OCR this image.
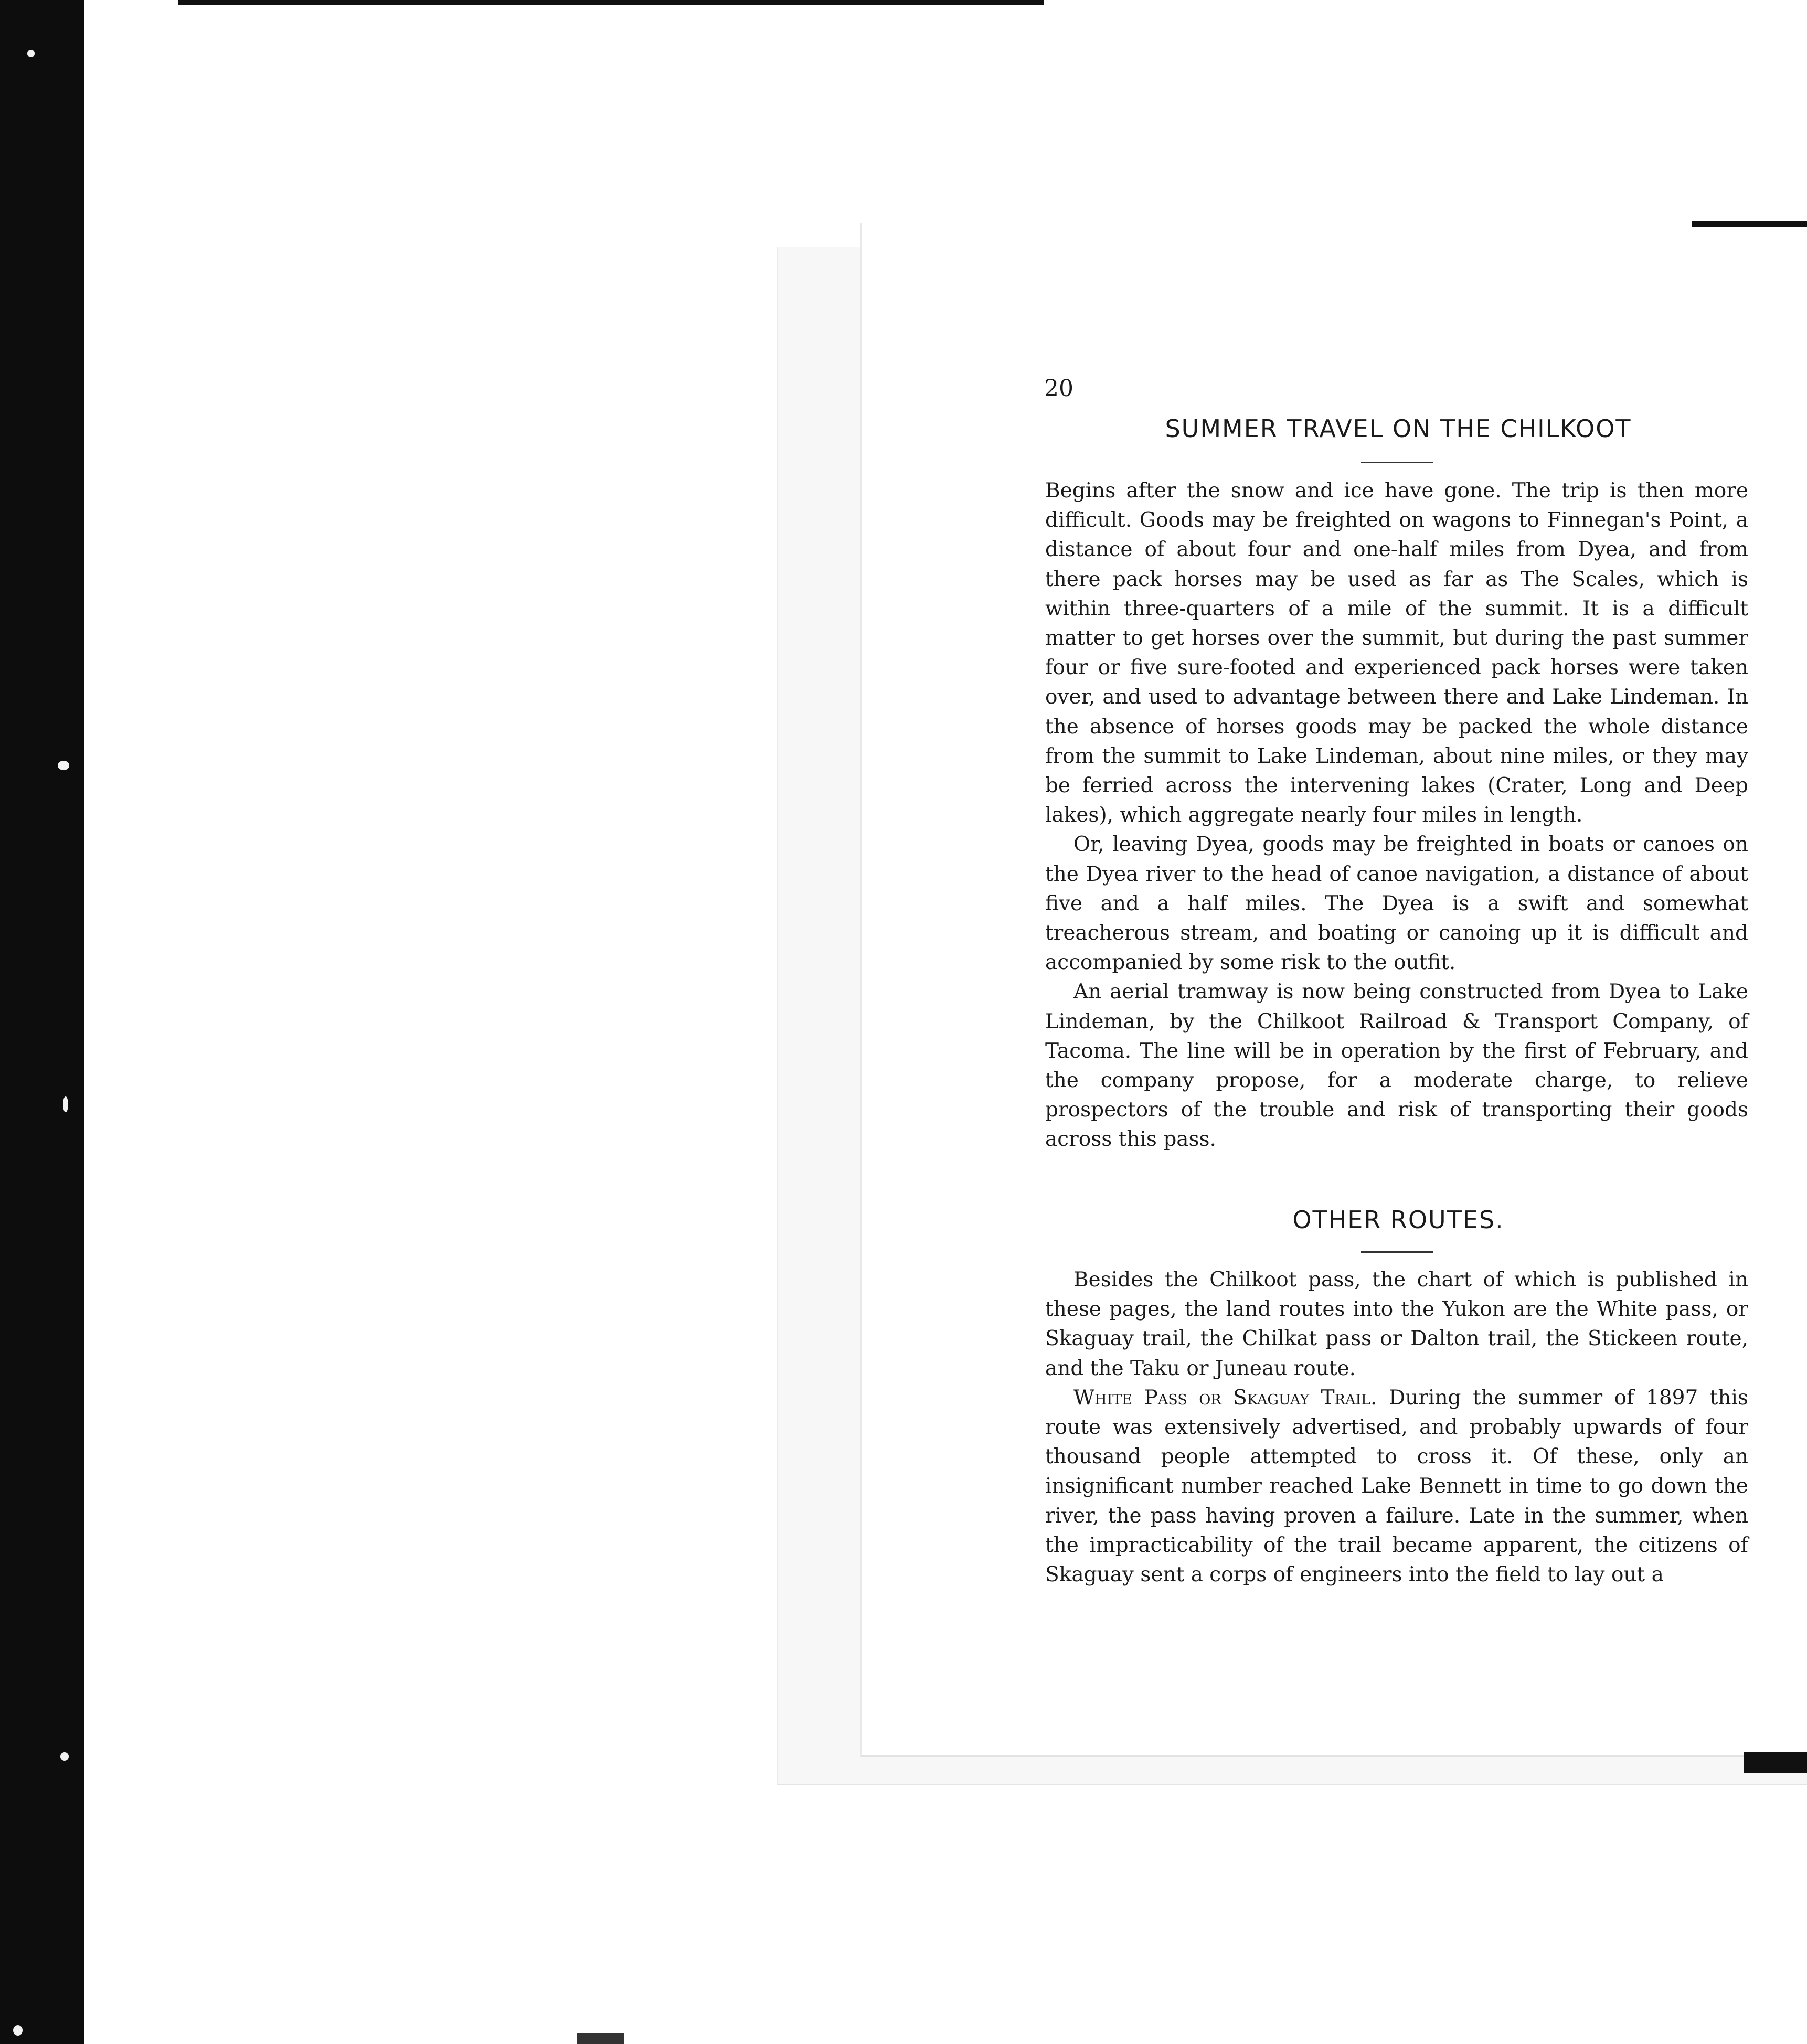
20
SUMMER TRAVEL ON THE CHILKOOT

Begins after the snow and ice have gone. The trip is then more difficult. Goods may be freighted on wagons to Finnegan's Point, a distance of about four and one-half miles from Dyea, and from there pack horses may be used as far as The Scales, which is within three-quarters of a mile of the summit. It is a difficult matter to get horses over the summit, but during the past summer four or five sure-footed and experienced pack horses were taken over, and used to advantage between there and Lake Lindeman. In the absence of horses goods may be packed the whole distance from the summit to Lake Lindeman, about nine miles, or they may be ferried across the intervening lakes (Crater, Long and Deep lakes), which aggregate nearly four miles in length.

Or, leaving Dyea, goods may be freighted in boats or canoes on the Dyea river to the head of canoe navigation, a distance of about five and a half miles. The Dyea is a swift and somewhat treacherous stream, and boating or canoing up it is difficult and accompanied by some risk to the outfit.

An aerial tramway is now being constructed from Dyea to Lake Lindeman, by the Chilkoot Railroad & Transport Company, of Tacoma. The line will be in operation by the first of February, and the company propose, for a moderate charge, to relieve prospectors of the trouble and risk of transporting their goods across this pass.

OTHER ROUTES.

Besides the Chilkoot pass, the chart of which is published in these pages, the land routes into the Yukon are the White pass, or Skaguay trail, the Chilkat pass or Dalton trail, the Stickeen route, and the Taku or Juneau route.

White Pass or Skaguay Trail. During the summer of 1897 this route was extensively advertised, and probably upwards of four thousand people attempted to cross it. Of these, only an insignificant number reached Lake Bennett in time to go down the river, the pass having proven a failure. Late in the summer, when the impracticability of the trail became apparent, the citizens of Skaguay sent a corps of engineers into the field to lay out a
